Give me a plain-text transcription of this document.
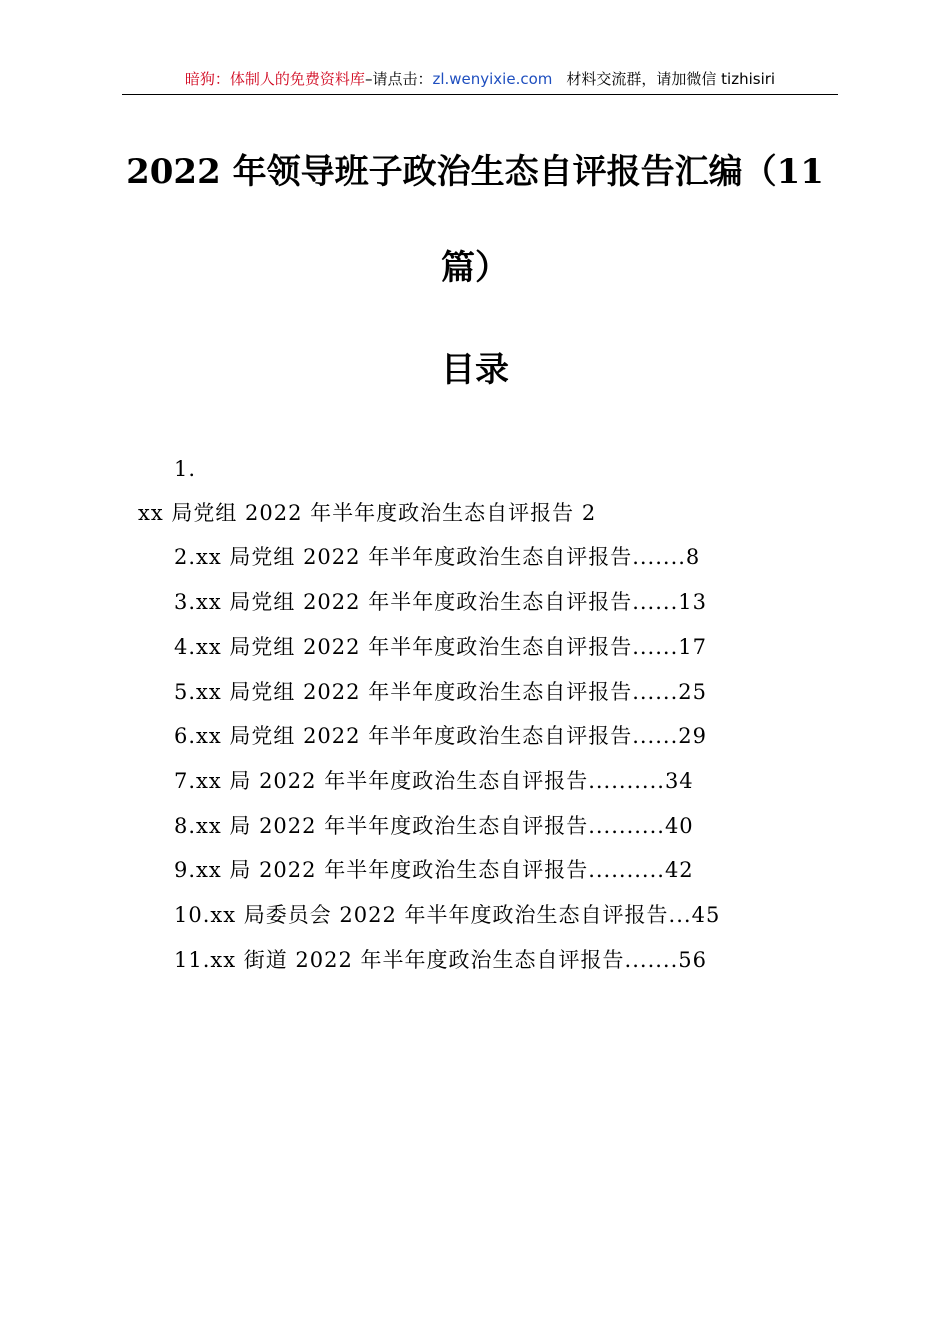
暗狗：体制人的免费资料库–请点击：zl.wenyixie.com 材料交流群，请加微信 tizhisiri
2022 年领导班子政治生态自评报告汇编（11
篇）
目录
1.
xx 局党组 2022 年半年度政治生态自评报告 2
2.xx 局党组 2022 年半年度政治生态自评报告.......8
3.xx 局党组 2022 年半年度政治生态自评报告......13
4.xx 局党组 2022 年半年度政治生态自评报告......17
5.xx 局党组 2022 年半年度政治生态自评报告......25
6.xx 局党组 2022 年半年度政治生态自评报告......29
7.xx 局 2022 年半年度政治生态自评报告..........34
8.xx 局 2022 年半年度政治生态自评报告..........40
9.xx 局 2022 年半年度政治生态自评报告..........42
10.xx 局委员会 2022 年半年度政治生态自评报告...45
11.xx 街道 2022 年半年度政治生态自评报告.......56
